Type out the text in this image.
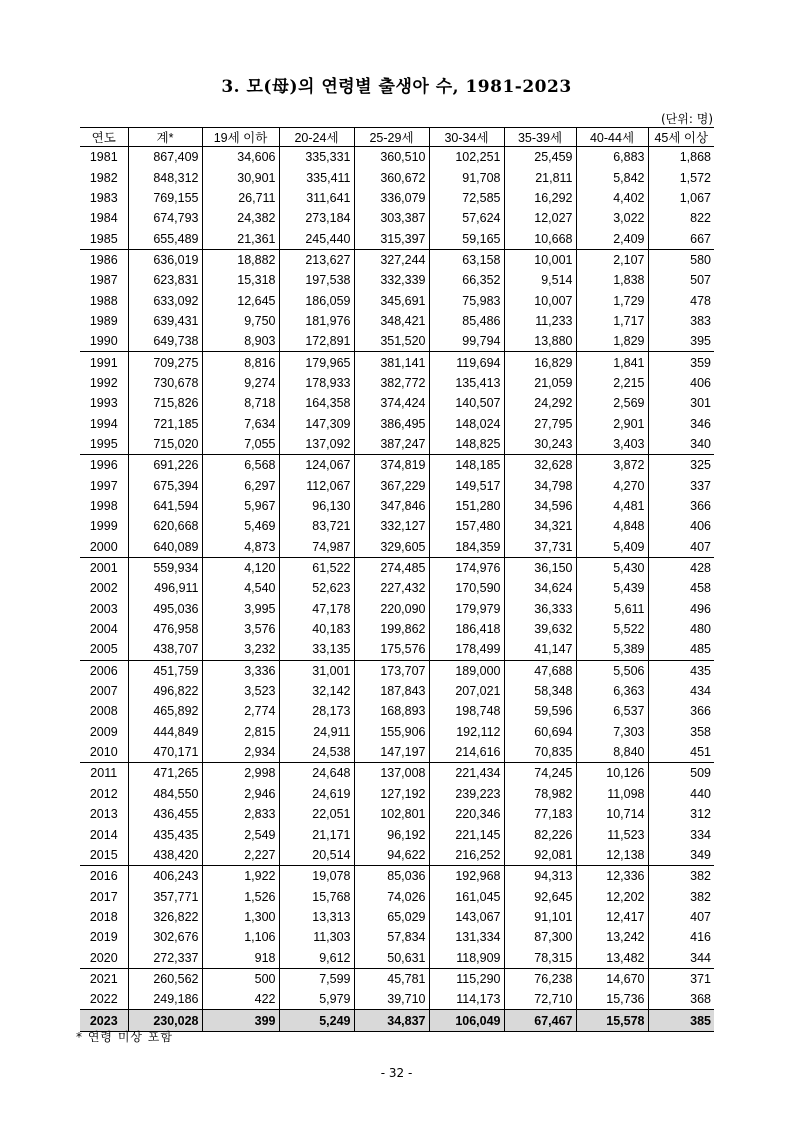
3. 모(母)의 연령별 출생아 수, 1981-2023
(단위: 명)
연도	계*	19세 이하	20-24세	25-29세	30-34세	35-39세	40-44세	45세 이상
1981	867,409	34,606	335,331	360,510	102,251	25,459	6,883	1,868
1982	848,312	30,901	335,411	360,672	91,708	21,811	5,842	1,572
1983	769,155	26,711	311,641	336,079	72,585	16,292	4,402	1,067
1984	674,793	24,382	273,184	303,387	57,624	12,027	3,022	822
1985	655,489	21,361	245,440	315,397	59,165	10,668	2,409	667
1986	636,019	18,882	213,627	327,244	63,158	10,001	2,107	580
1987	623,831	15,318	197,538	332,339	66,352	9,514	1,838	507
1988	633,092	12,645	186,059	345,691	75,983	10,007	1,729	478
1989	639,431	9,750	181,976	348,421	85,486	11,233	1,717	383
1990	649,738	8,903	172,891	351,520	99,794	13,880	1,829	395
1991	709,275	8,816	179,965	381,141	119,694	16,829	1,841	359
1992	730,678	9,274	178,933	382,772	135,413	21,059	2,215	406
1993	715,826	8,718	164,358	374,424	140,507	24,292	2,569	301
1994	721,185	7,634	147,309	386,495	148,024	27,795	2,901	346
1995	715,020	7,055	137,092	387,247	148,825	30,243	3,403	340
1996	691,226	6,568	124,067	374,819	148,185	32,628	3,872	325
1997	675,394	6,297	112,067	367,229	149,517	34,798	4,270	337
1998	641,594	5,967	96,130	347,846	151,280	34,596	4,481	366
1999	620,668	5,469	83,721	332,127	157,480	34,321	4,848	406
2000	640,089	4,873	74,987	329,605	184,359	37,731	5,409	407
2001	559,934	4,120	61,522	274,485	174,976	36,150	5,430	428
2002	496,911	4,540	52,623	227,432	170,590	34,624	5,439	458
2003	495,036	3,995	47,178	220,090	179,979	36,333	5,611	496
2004	476,958	3,576	40,183	199,862	186,418	39,632	5,522	480
2005	438,707	3,232	33,135	175,576	178,499	41,147	5,389	485
2006	451,759	3,336	31,001	173,707	189,000	47,688	5,506	435
2007	496,822	3,523	32,142	187,843	207,021	58,348	6,363	434
2008	465,892	2,774	28,173	168,893	198,748	59,596	6,537	366
2009	444,849	2,815	24,911	155,906	192,112	60,694	7,303	358
2010	470,171	2,934	24,538	147,197	214,616	70,835	8,840	451
2011	471,265	2,998	24,648	137,008	221,434	74,245	10,126	509
2012	484,550	2,946	24,619	127,192	239,223	78,982	11,098	440
2013	436,455	2,833	22,051	102,801	220,346	77,183	10,714	312
2014	435,435	2,549	21,171	96,192	221,145	82,226	11,523	334
2015	438,420	2,227	20,514	94,622	216,252	92,081	12,138	349
2016	406,243	1,922	19,078	85,036	192,968	94,313	12,336	382
2017	357,771	1,526	15,768	74,026	161,045	92,645	12,202	382
2018	326,822	1,300	13,313	65,029	143,067	91,101	12,417	407
2019	302,676	1,106	11,303	57,834	131,334	87,300	13,242	416
2020	272,337	918	9,612	50,631	118,909	78,315	13,482	344
2021	260,562	500	7,599	45,781	115,290	76,238	14,670	371
2022	249,186	422	5,979	39,710	114,173	72,710	15,736	368
2023	230,028	399	5,249	34,837	106,049	67,467	15,578	385
* 연령 미상 포함
- 32 -
